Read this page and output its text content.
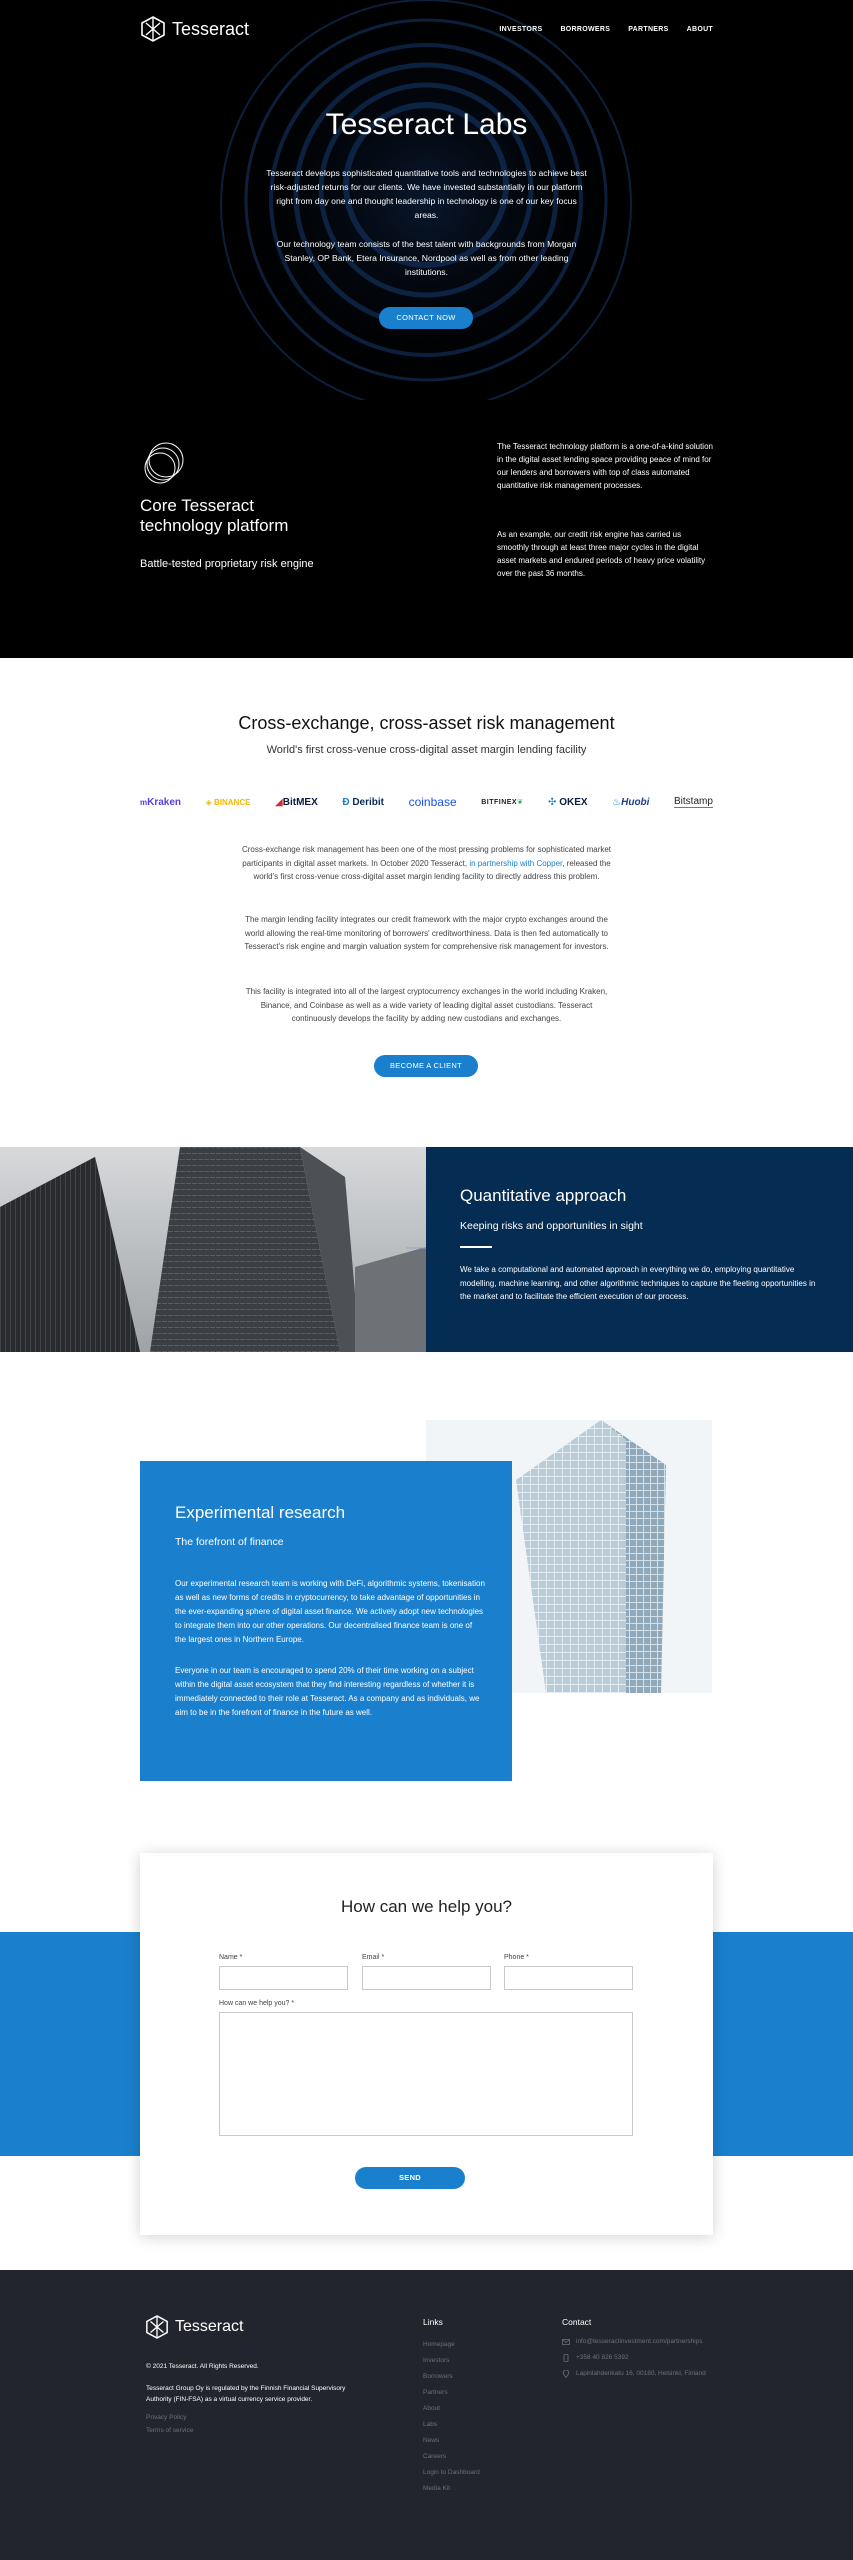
Tesseract	INVESTORS	BORROWERS	PARTNERS	ABOUT
Tesseract Labs

Tesseract develops sophisticated quantitative tools and technologies to achieve best risk-adjusted returns for our clients. We have invested substantially in our platform right from day one and thought leadership in technology is one of our key focus areas.

Our technology team consists of the best talent with backgrounds from Morgan Stanley, OP Bank, Etera Insurance, Nordpool as well as from other leading institutions.

CONTACT NOW
Core Tesseract technology platform
Battle-tested proprietary risk engine

The Tesseract technology platform is a one-of-a-kind solution in the digital asset lending space providing peace of mind for our lenders and borrowers with top of class automated quantitative risk management processes.

As an example, our credit risk engine has carried us smoothly through at least three major cycles in the digital asset markets and endured periods of heavy price volatility over the past 36 months.

Cross-exchange, cross-asset risk management
World's first cross-venue cross-digital asset margin lending facility
mKraken	◈ BINANCE ◢BitMEX Đ Deribit coinbase	BITFINEX❦ ✣ OKEX ♨Huobi Bitstamp

Cross-exchange risk management has been one of the most pressing problems for sophisticated market participants in digital asset markets. In October 2020 Tesseract, in partnership with Copper, released the world's first cross-venue cross-digital asset margin lending facility to directly address this problem.

The margin lending facility integrates our credit framework with the major crypto exchanges around the world allowing the real-time monitoring of borrowers' creditworthiness. Data is then fed automatically to Tesseract's risk engine and margin valuation system for comprehensive risk management for investors.

This facility is integrated into all of the largest cryptocurrency exchanges in the world including Kraken, Binance, and Coinbase as well as a wide variety of leading digital asset custodians. Tesseract continuously develops the facility by adding new custodians and exchanges.

BECOME A CLIENT
Quantitative approach
Keeping risks and opportunities in sight

We take a computational and automated approach in everything we do, employing quantitative modelling, machine learning, and other algorithmic techniques to capture the fleeting opportunities in the market and to facilitate the efficient execution of our process.

Experimental research
The forefront of finance

Our experimental research team is working with DeFi, algorithmic systems, tokenisation as well as new forms of credits in cryptocurrency, to take advantage of opportunities in the ever-expanding sphere of digital asset finance. We actively adopt new technologies to integrate them into our other operations. Our decentralised finance team is one of the largest ones in Northern Europe.

Everyone in our team is encouraged to spend 20% of their time working on a subject within the digital asset ecosystem that they find interesting regardless of whether it is immediately connected to their role at Tesseract. As a company and as individuals, we aim to be in the forefront of finance in the future as well.

How can we help you?
Name *	Email *	Phone *
How can we help you? *
SEND
Tesseract
© 2021 Tesseract. All Rights Reserved.
Tesseract Group Oy is regulated by the Finnish Financial Supervisory Authority (FIN-FSA) as a virtual currency service provider.
Privacy Policy
Terms of service
Links
Homepage
Investors
Borrowers
Partners
About
Labs
News
Careers
Login to Dashboard
Media Kit
Contact
info@tesseractinvestment.com/partnerships
+358 40 826 5392
Lapinlahdenkatu 16, 00180, Helsinki, Finland
